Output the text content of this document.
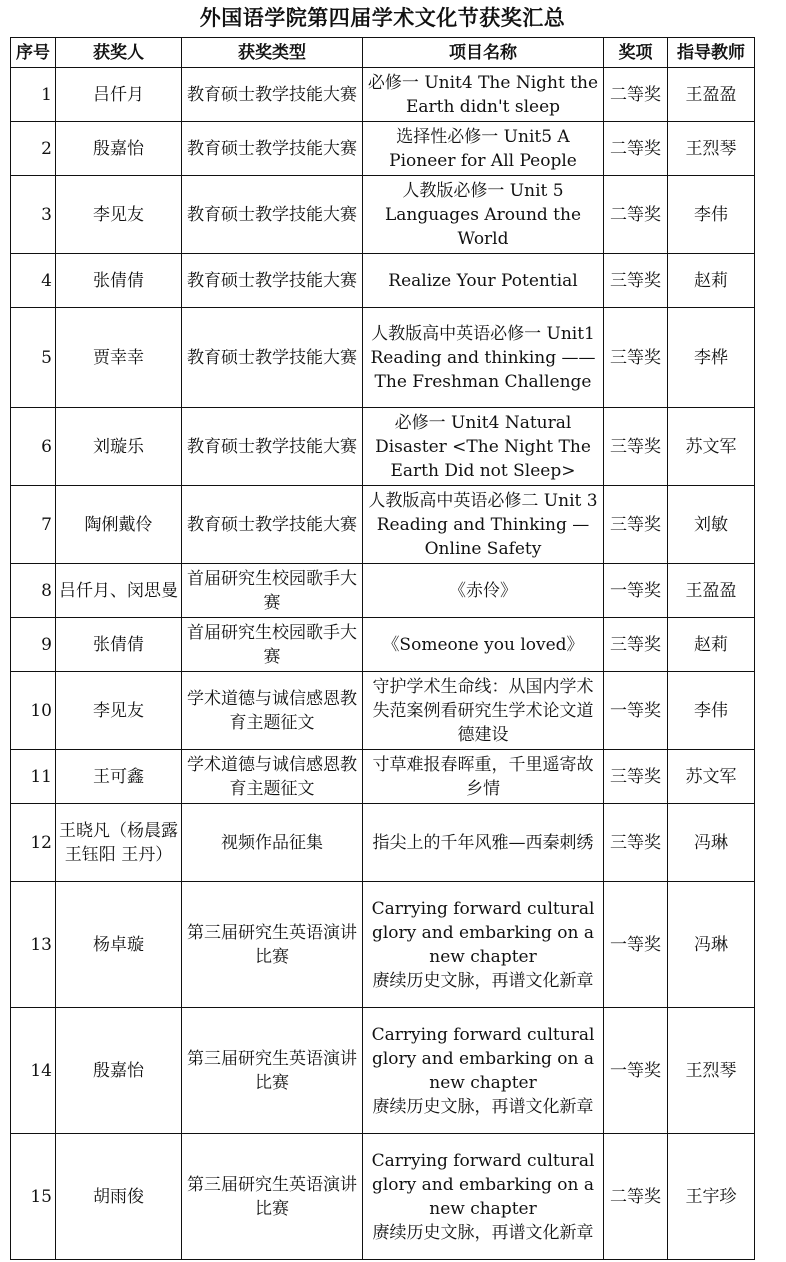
外国语学院第四届学术文化节获奖汇总
序号	获奖人	获奖类型	项目名称	奖项	指导教师

1	吕仟月	教育硕士教学技能大赛	必修一 Unit4 The Night the Earth didn't sleep	二等奖	王盈盈

2	殷嘉怡	教育硕士教学技能大赛	选择性必修一 Unit5 A Pioneer for All People	二等奖	王烈琴

3	李见友	教育硕士教学技能大赛	人教版必修一 Unit 5 Languages Around the World	二等奖	李伟

4	张倩倩	教育硕士教学技能大赛	Realize Your Potential	三等奖	赵莉

5	贾幸幸	教育硕士教学技能大赛	人教版高中英语必修一 Unit1 Reading and thinking ——The Freshman Challenge	三等奖	李桦

6	刘璇乐	教育硕士教学技能大赛	必修一 Unit4 Natural Disaster <The Night The Earth Did not Sleep>	三等奖	苏文军

7	陶俐戴伶	教育硕士教学技能大赛	人教版高中英语必修二 Unit 3 Reading and Thinking — Online Safety	三等奖	刘敏

8	吕仟月、闵思曼	首届研究生校园歌手大赛	《赤伶》	一等奖	王盈盈

9	张倩倩	首届研究生校园歌手大赛	《Someone you loved》	三等奖	赵莉

10	李见友	学术道德与诚信感恩教育主题征文	守护学术生命线：从国内学术失范案例看研究生学术论文道德建设	一等奖	李伟

11	王可鑫	学术道德与诚信感恩教育主题征文	寸草难报春晖重，千里遥寄故乡情	三等奖	苏文军

12	王晓凡（杨晨露 王钰阳 王丹）	视频作品征集	指尖上的千年风雅—西秦刺绣	三等奖	冯琳

13	杨卓璇	第三届研究生英语演讲比赛	Carrying forward cultural glory and embarking on a new chapter
赓续历史文脉，再谱文化新章	一等奖	冯琳

14	殷嘉怡	第三届研究生英语演讲比赛	Carrying forward cultural glory and embarking on a new chapter
赓续历史文脉，再谱文化新章	一等奖	王烈琴

15	胡雨俊	第三届研究生英语演讲比赛	Carrying forward cultural glory and embarking on a new chapter
赓续历史文脉，再谱文化新章	二等奖	王宇珍
